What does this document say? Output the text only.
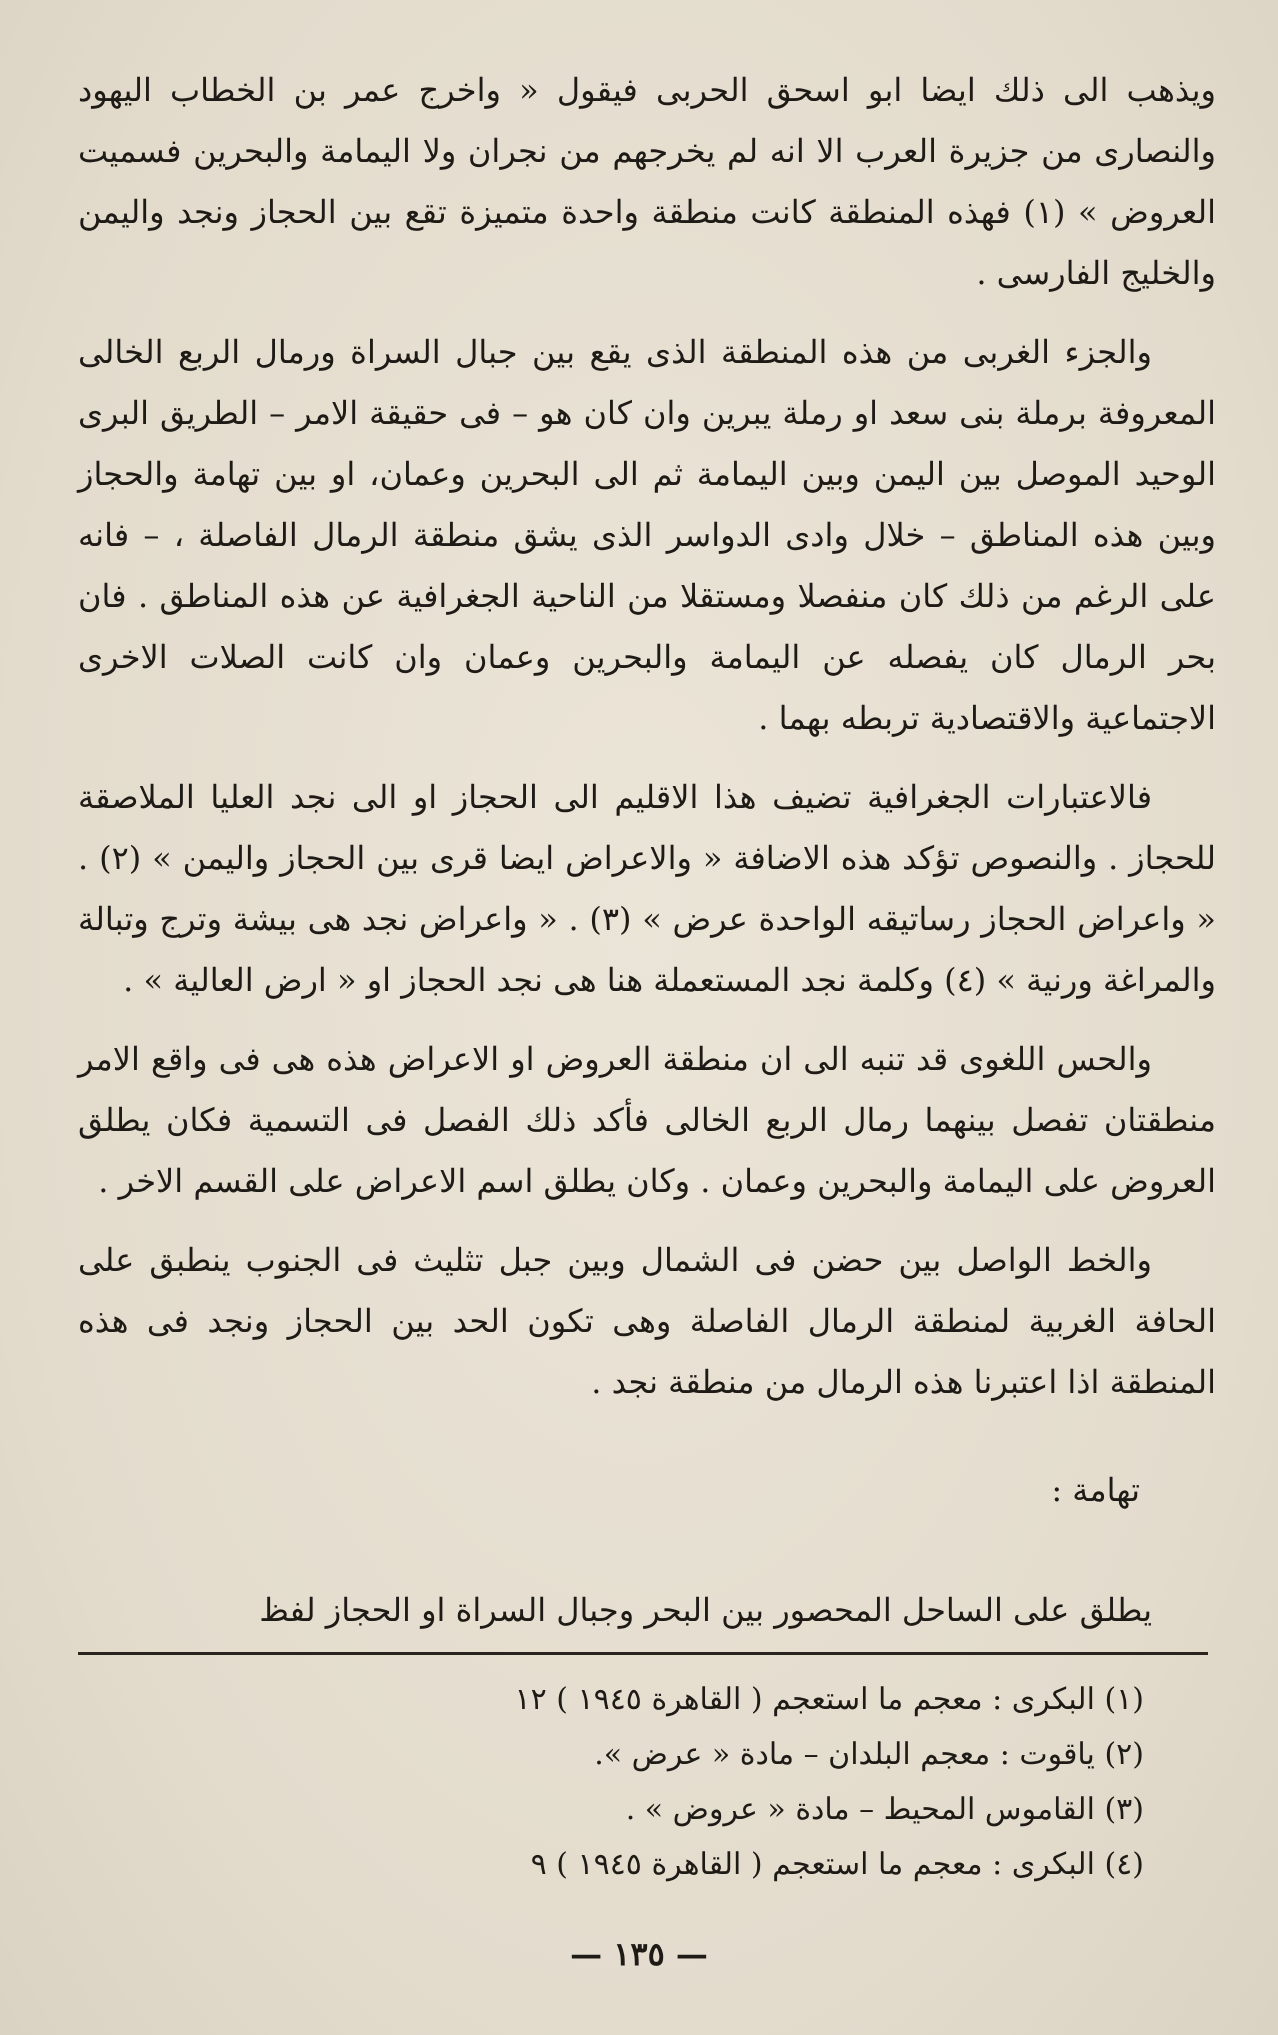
ويذهب الى ذلك ايضا ابو اسحق الحربى فيقول « واخرج عمر بن الخطاب اليهود والنصارى من جزيرة العرب الا انه لم يخرجهم من نجران ولا اليمامة والبحرين فسميت العروض » (١) فهذه المنطقة كانت منطقة واحدة متميزة تقع بين الحجاز ونجد واليمن والخليج الفارسى .

والجزء الغربى من هذه المنطقة الذى يقع بين جبال السراة ورمال الربع الخالى المعروفة برملة بنى سعد او رملة يبرين وان كان هو – فى حقيقة الامر – الطريق البرى الوحيد الموصل بين اليمن وبين اليمامة ثم الى البحرين وعمان، او بين تهامة والحجاز وبين هذه المناطق – خلال وادى الدواسر الذى يشق منطقة الرمال الفاصلة ، – فانه على الرغم من ذلك كان منفصلا ومستقلا من الناحية الجغرافية عن هذه المناطق . فان بحر الرمال كان يفصله عن اليمامة والبحرين وعمان وان كانت الصلات الاخرى الاجتماعية والاقتصادية تربطه بهما .

فالاعتبارات الجغرافية تضيف هذا الاقليم الى الحجاز او الى نجد العليا الملاصقة للحجاز . والنصوص تؤكد هذه الاضافة « والاعراض ايضا قرى بين الحجاز واليمن » (٢) . « واعراض الحجاز رساتيقه الواحدة عرض » (٣) . « واعراض نجد هى بيشة وترج وتبالة والمراغة ورنية » (٤) وكلمة نجد المستعملة هنا هى نجد الحجاز او « ارض العالية » .

والحس اللغوى قد تنبه الى ان منطقة العروض او الاعراض هذه هى فى واقع الامر منطقتان تفصل بينهما رمال الربع الخالى فأكد ذلك الفصل فى التسمية فكان يطلق العروض على اليمامة والبحرين وعمان . وكان يطلق اسم الاعراض على القسم الاخر .

والخط الواصل بين حضن فى الشمال وبين جبل تثليث فى الجنوب ينطبق على الحافة الغربية لمنطقة الرمال الفاصلة وهى تكون الحد بين الحجاز ونجد فى هذه المنطقة اذا اعتبرنا هذه الرمال من منطقة نجد .

تهامة :
يطلق على الساحل المحصور بين البحر وجبال السراة او الحجاز لفظ
(١) البكرى : معجم ما استعجم ( القاهرة ١٩٤٥ ) ١٢
(٢) ياقوت : معجم البلدان – مادة « عرض ».
(٣) القاموس المحيط – مادة « عروض » .
(٤) البكرى : معجم ما استعجم ( القاهرة ١٩٤٥ ) ٩
— ١٣٥ —
